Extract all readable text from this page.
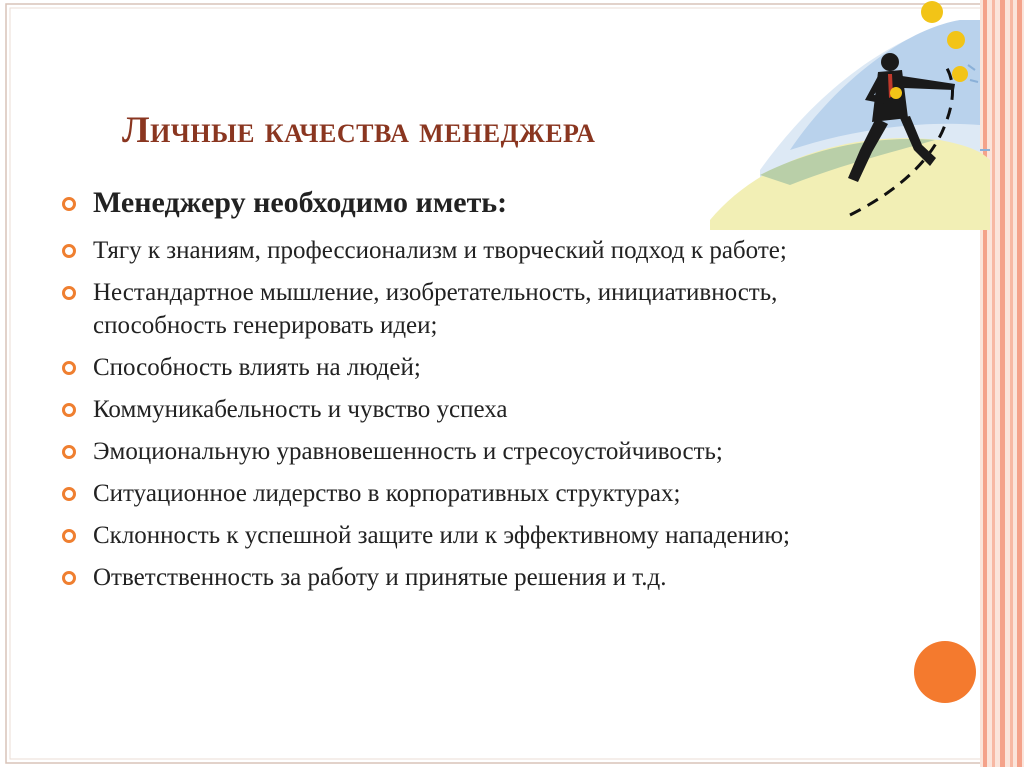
Личные качества менеджера
Менеджеру необходимо иметь:
Тягу к знаниям, профессионализм и творческий подход к работе;
Нестандартное мышление, изобретательность, инициативность, способность генерировать идеи;
Способность влиять на людей;
Коммуникабельность и чувство успеха
Эмоциональную уравновешенность и стресоустойчивость;
Ситуационное лидерство в корпоративных структурах;
Склонность к успешной защите или к эффективному нападению;
Ответственность за работу и принятые решения и т.д.
